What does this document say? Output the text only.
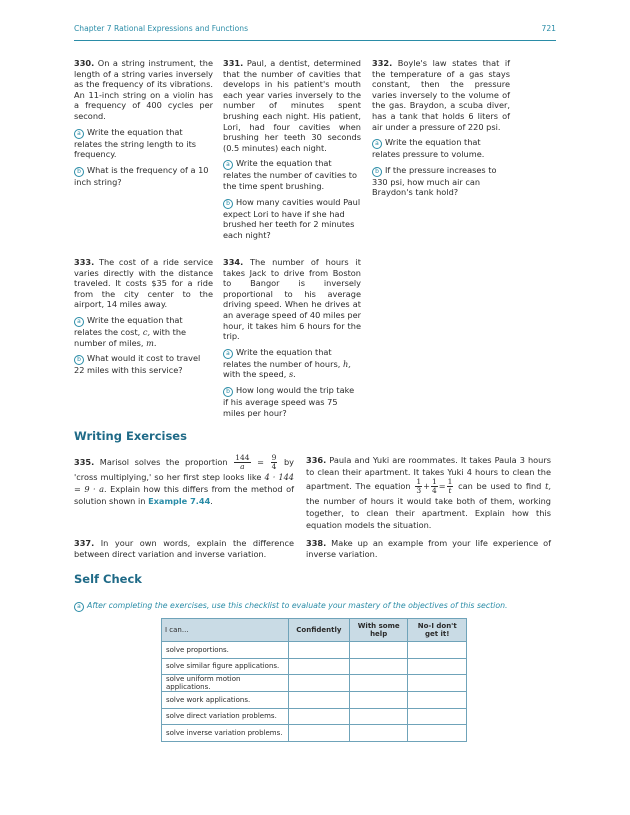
Chapter 7 Rational Expressions and Functions	721

330. On a string instrument, the length of a string varies inversely as the frequency of its vibrations. An 11-inch string on a violin has a frequency of 400 cycles per second.

a Write the equation that relates the string length to its frequency.
b What is the frequency of a 10 inch string?

331. Paul, a dentist, determined that the number of cavities that develops in his patient's mouth each year varies inversely to the number of minutes spent brushing each night. His patient, Lori, had four cavities when brushing her teeth 30 seconds (0.5 minutes) each night.

a Write the equation that relates the number of cavities to the time spent brushing.
b How many cavities would Paul expect Lori to have if she had brushed her teeth for 2 minutes each night?

332. Boyle's law states that if the temperature of a gas stays constant, then the pressure varies inversely to the volume of the gas. Braydon, a scuba diver, has a tank that holds 6 liters of air under a pressure of 220 psi.

a Write the equation that relates pressure to volume.
b If the pressure increases to 330 psi, how much air can Braydon's tank hold?

333. The cost of a ride service varies directly with the distance traveled. It costs $35 for a ride from the city center to the airport, 14 miles away.

a Write the equation that relates the cost, c, with the number of miles, m.
b What would it cost to travel 22 miles with this service?

334. The number of hours it takes Jack to drive from Boston to Bangor is inversely proportional to his average driving speed. When he drives at an average speed of 40 miles per hour, it takes him 6 hours for the trip.

a Write the equation that relates the number of hours, h, with the speed, s.
b How long would the trip take if his average speed was 75 miles per hour?
Writing Exercises
335. Marisol solves the proportion $\frac{144}{a} = \frac{9}{4}$ by 'cross multiplying,' so her first step looks like 4 · 144 = 9 · a. Explain how this differs from the method of solution shown in Example 7.44.
336. Paula and Yuki are roommates. It takes Paula 3 hours to clean their apartment. It takes Yuki 4 hours to clean the apartment. The equation $\frac{1}{3} + \frac{1}{4} = \frac{1}{t}$ can be used to find t, the number of hours it would take both of them, working together, to clean their apartment. Explain how this equation models the situation.
337. In your own words, explain the difference between direct variation and inverse variation.
338. Make up an example from your life experience of inverse variation.
Self Check
a After completing the exercises, use this checklist to evaluate your mastery of the objectives of this section.
I can...	Confidently	With some help	No-I don't get it!
solve proportions.			
solve similar figure applications.			
solve uniform motion applications.			
solve work applications.			
solve direct variation problems.			
solve inverse variation problems.			
